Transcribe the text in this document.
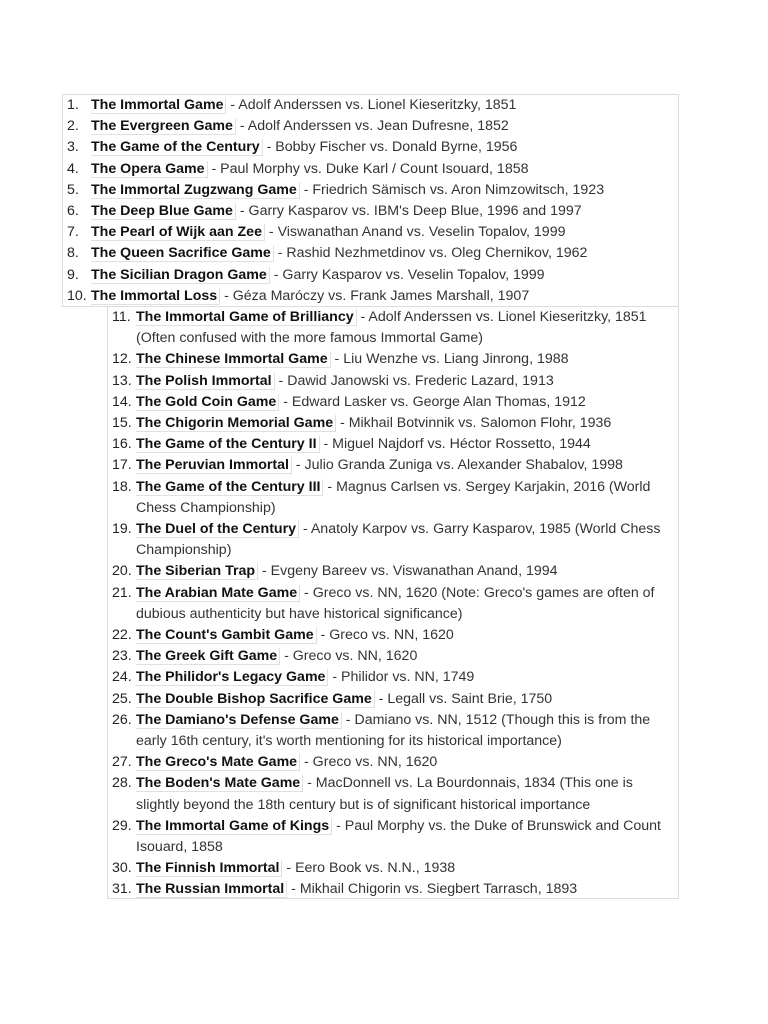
1. The Immortal Game - Adolf Anderssen vs. Lionel Kieseritzky, 1851
2. The Evergreen Game - Adolf Anderssen vs. Jean Dufresne, 1852
3. The Game of the Century - Bobby Fischer vs. Donald Byrne, 1956
4. The Opera Game - Paul Morphy vs. Duke Karl / Count Isouard, 1858
5. The Immortal Zugzwang Game - Friedrich Sämisch vs. Aron Nimzowitsch, 1923
6. The Deep Blue Game - Garry Kasparov vs. IBM's Deep Blue, 1996 and 1997
7. The Pearl of Wijk aan Zee - Viswanathan Anand vs. Veselin Topalov, 1999
8. The Queen Sacrifice Game - Rashid Nezhmetdinov vs. Oleg Chernikov, 1962
9. The Sicilian Dragon Game - Garry Kasparov vs. Veselin Topalov, 1999
10. The Immortal Loss - Géza Maróczy vs. Frank James Marshall, 1907
11. The Immortal Game of Brilliancy - Adolf Anderssen vs. Lionel Kieseritzky, 1851 (Often confused with the more famous Immortal Game)
12. The Chinese Immortal Game - Liu Wenzhe vs. Liang Jinrong, 1988
13. The Polish Immortal - Dawid Janowski vs. Frederic Lazard, 1913
14. The Gold Coin Game - Edward Lasker vs. George Alan Thomas, 1912
15. The Chigorin Memorial Game - Mikhail Botvinnik vs. Salomon Flohr, 1936
16. The Game of the Century II - Miguel Najdorf vs. Héctor Rossetto, 1944
17. The Peruvian Immortal - Julio Granda Zuniga vs. Alexander Shabalov, 1998
18. The Game of the Century III - Magnus Carlsen vs. Sergey Karjakin, 2016 (World Chess Championship)
19. The Duel of the Century - Anatoly Karpov vs. Garry Kasparov, 1985 (World Chess Championship)
20. The Siberian Trap - Evgeny Bareev vs. Viswanathan Anand, 1994
21. The Arabian Mate Game - Greco vs. NN, 1620 (Note: Greco's games are often of dubious authenticity but have historical significance)
22. The Count's Gambit Game - Greco vs. NN, 1620
23. The Greek Gift Game - Greco vs. NN, 1620
24. The Philidor's Legacy Game - Philidor vs. NN, 1749
25. The Double Bishop Sacrifice Game - Legall vs. Saint Brie, 1750
26. The Damiano's Defense Game - Damiano vs. NN, 1512 (Though this is from the early 16th century, it's worth mentioning for its historical importance)
27. The Greco's Mate Game - Greco vs. NN, 1620
28. The Boden's Mate Game - MacDonnell vs. La Bourdonnais, 1834 (This one is slightly beyond the 18th century but is of significant historical importance
29. The Immortal Game of Kings - Paul Morphy vs. the Duke of Brunswick and Count Isouard, 1858
30. The Finnish Immortal - Eero Book vs. N.N., 1938
31. The Russian Immortal - Mikhail Chigorin vs. Siegbert Tarrasch, 1893
